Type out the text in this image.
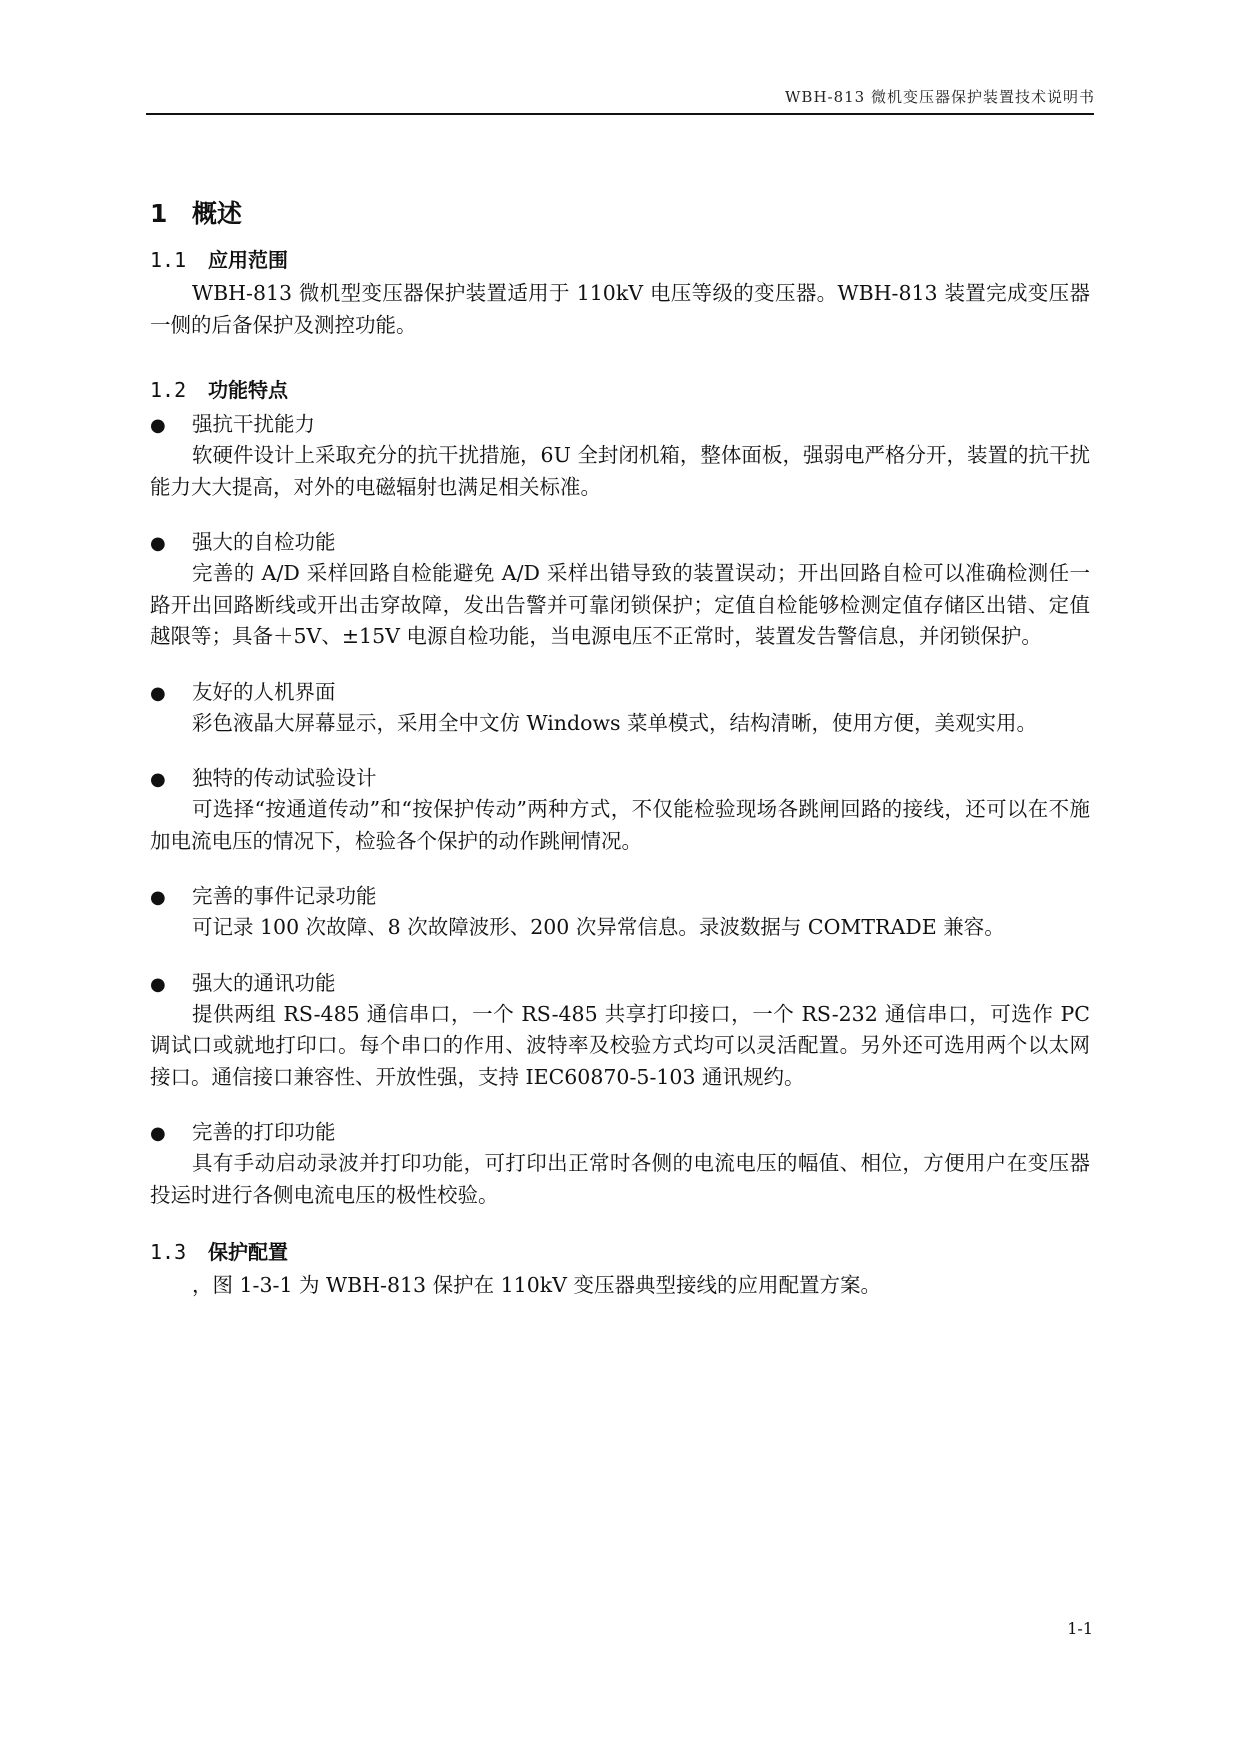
WBH-813 微机变压器保护装置技术说明书
1 概述
1.1 应用范围

WBH-813 微机型变压器保护装置适用于 110kV 电压等级的变压器。WBH-813 装置完成变压器一侧的后备保护及测控功能。

1.2 功能特点
● 强抗干扰能力

软硬件设计上采取充分的抗干扰措施，6U 全封闭机箱，整体面板，强弱电严格分开，装置的抗干扰能力大大提高，对外的电磁辐射也满足相关标准。

● 强大的自检功能

完善的 A/D 采样回路自检能避免 A/D 采样出错导致的装置误动；开出回路自检可以准确检测任一路开出回路断线或开出击穿故障，发出告警并可靠闭锁保护；定值自检能够检测定值存储区出错、定值越限等；具备＋5V、±15V 电源自检功能，当电源电压不正常时，装置发告警信息，并闭锁保护。

● 友好的人机界面

彩色液晶大屏幕显示，采用全中文仿 Windows 菜单模式，结构清晰，使用方便，美观实用。

● 独特的传动试验设计

可选择“按通道传动”和“按保护传动”两种方式，不仅能检验现场各跳闸回路的接线，还可以在不施加电流电压的情况下，检验各个保护的动作跳闸情况。

● 完善的事件记录功能

可记录 100 次故障、8 次故障波形、200 次异常信息。录波数据与 COMTRADE 兼容。

● 强大的通讯功能

提供两组 RS-485 通信串口，一个 RS-485 共享打印接口，一个 RS-232 通信串口，可选作 PC 调试口或就地打印口。每个串口的作用、波特率及校验方式均可以灵活配置。另外还可选用两个以太网接口。通信接口兼容性、开放性强，支持 IEC60870-5-103 通讯规约。

● 完善的打印功能

具有手动启动录波并打印功能，可打印出正常时各侧的电流电压的幅值、相位，方便用户在变压器投运时进行各侧电流电压的极性校验。

1.3 保护配置

，图 1-3-1 为 WBH-813 保护在 110kV 变压器典型接线的应用配置方案。

1-1
